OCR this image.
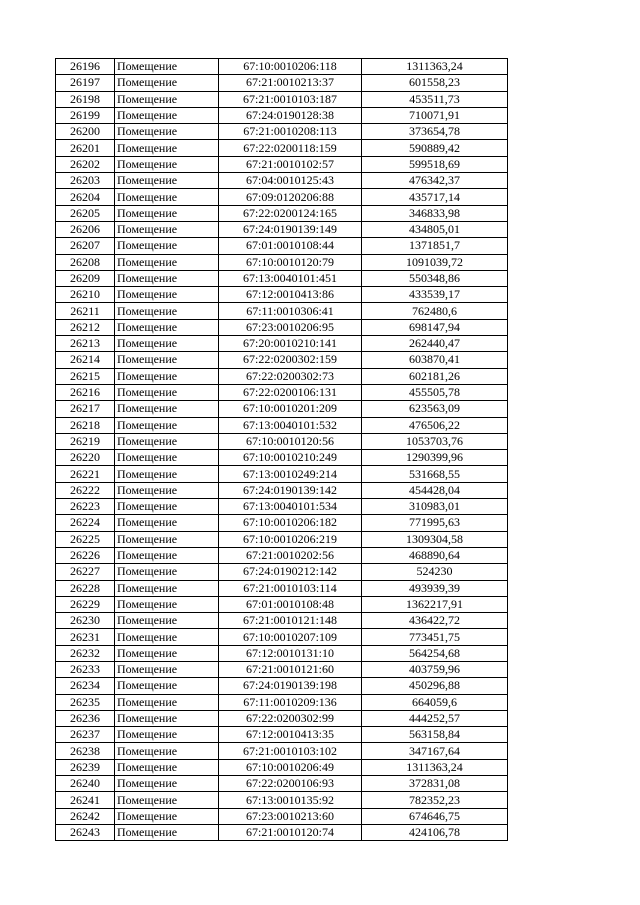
26196	Помещение	67:10:0010206:118	1311363,24
26197	Помещение	67:21:0010213:37	601558,23
26198	Помещение	67:21:0010103:187	453511,73
26199	Помещение	67:24:0190128:38	710071,91
26200	Помещение	67:21:0010208:113	373654,78
26201	Помещение	67:22:0200118:159	590889,42
26202	Помещение	67:21:0010102:57	599518,69
26203	Помещение	67:04:0010125:43	476342,37
26204	Помещение	67:09:0120206:88	435717,14
26205	Помещение	67:22:0200124:165	346833,98
26206	Помещение	67:24:0190139:149	434805,01
26207	Помещение	67:01:0010108:44	1371851,7
26208	Помещение	67:10:0010120:79	1091039,72
26209	Помещение	67:13:0040101:451	550348,86
26210	Помещение	67:12:0010413:86	433539,17
26211	Помещение	67:11:0010306:41	762480,6
26212	Помещение	67:23:0010206:95	698147,94
26213	Помещение	67:20:0010210:141	262440,47
26214	Помещение	67:22:0200302:159	603870,41
26215	Помещение	67:22:0200302:73	602181,26
26216	Помещение	67:22:0200106:131	455505,78
26217	Помещение	67:10:0010201:209	623563,09
26218	Помещение	67:13:0040101:532	476506,22
26219	Помещение	67:10:0010120:56	1053703,76
26220	Помещение	67:10:0010210:249	1290399,96
26221	Помещение	67:13:0010249:214	531668,55
26222	Помещение	67:24:0190139:142	454428,04
26223	Помещение	67:13:0040101:534	310983,01
26224	Помещение	67:10:0010206:182	771995,63
26225	Помещение	67:10:0010206:219	1309304,58
26226	Помещение	67:21:0010202:56	468890,64
26227	Помещение	67:24:0190212:142	524230
26228	Помещение	67:21:0010103:114	493939,39
26229	Помещение	67:01:0010108:48	1362217,91
26230	Помещение	67:21:0010121:148	436422,72
26231	Помещение	67:10:0010207:109	773451,75
26232	Помещение	67:12:0010131:10	564254,68
26233	Помещение	67:21:0010121:60	403759,96
26234	Помещение	67:24:0190139:198	450296,88
26235	Помещение	67:11:0010209:136	664059,6
26236	Помещение	67:22:0200302:99	444252,57
26237	Помещение	67:12:0010413:35	563158,84
26238	Помещение	67:21:0010103:102	347167,64
26239	Помещение	67:10:0010206:49	1311363,24
26240	Помещение	67:22:0200106:93	372831,08
26241	Помещение	67:13:0010135:92	782352,23
26242	Помещение	67:23:0010213:60	674646,75
26243	Помещение	67:21:0010120:74	424106,78
